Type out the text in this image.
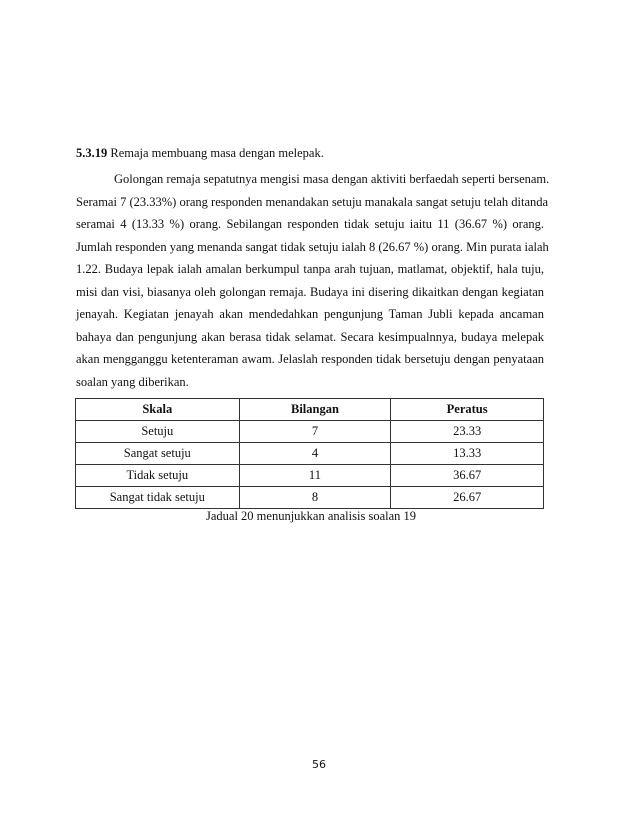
5.3.19 Remaja membuang masa dengan melepak.
Golongan remaja sepatutnya mengisi masa dengan aktiviti berfaedah seperti bersenam.
Seramai 7 (23.33%) orang responden menandakan setuju manakala sangat setuju telah ditanda
seramai 4 (13.33 %) orang. Sebilangan responden tidak setuju iaitu 11 (36.67 %) orang.
Jumlah responden yang menanda sangat tidak setuju ialah 8 (26.67 %) orang. Min purata ialah
1.22. Budaya lepak ialah amalan berkumpul tanpa arah tujuan, matlamat, objektif, hala tuju,
misi dan visi, biasanya oleh golongan remaja. Budaya ini disering dikaitkan dengan kegiatan
jenayah. Kegiatan jenayah akan mendedahkan pengunjung Taman Jubli kepada ancaman
bahaya dan pengunjung akan berasa tidak selamat. Secara kesimpualnnya, budaya melepak
akan mengganggu ketenteraman awam. Jelaslah responden tidak bersetuju dengan penyataan
soalan yang diberikan.
Skala	Bilangan	Peratus
Setuju	7	23.33
Sangat setuju	4	13.33
Tidak setuju	11	36.67
Sangat tidak setuju	8	26.67
Jadual 20 menunjukkan analisis soalan 19
56
